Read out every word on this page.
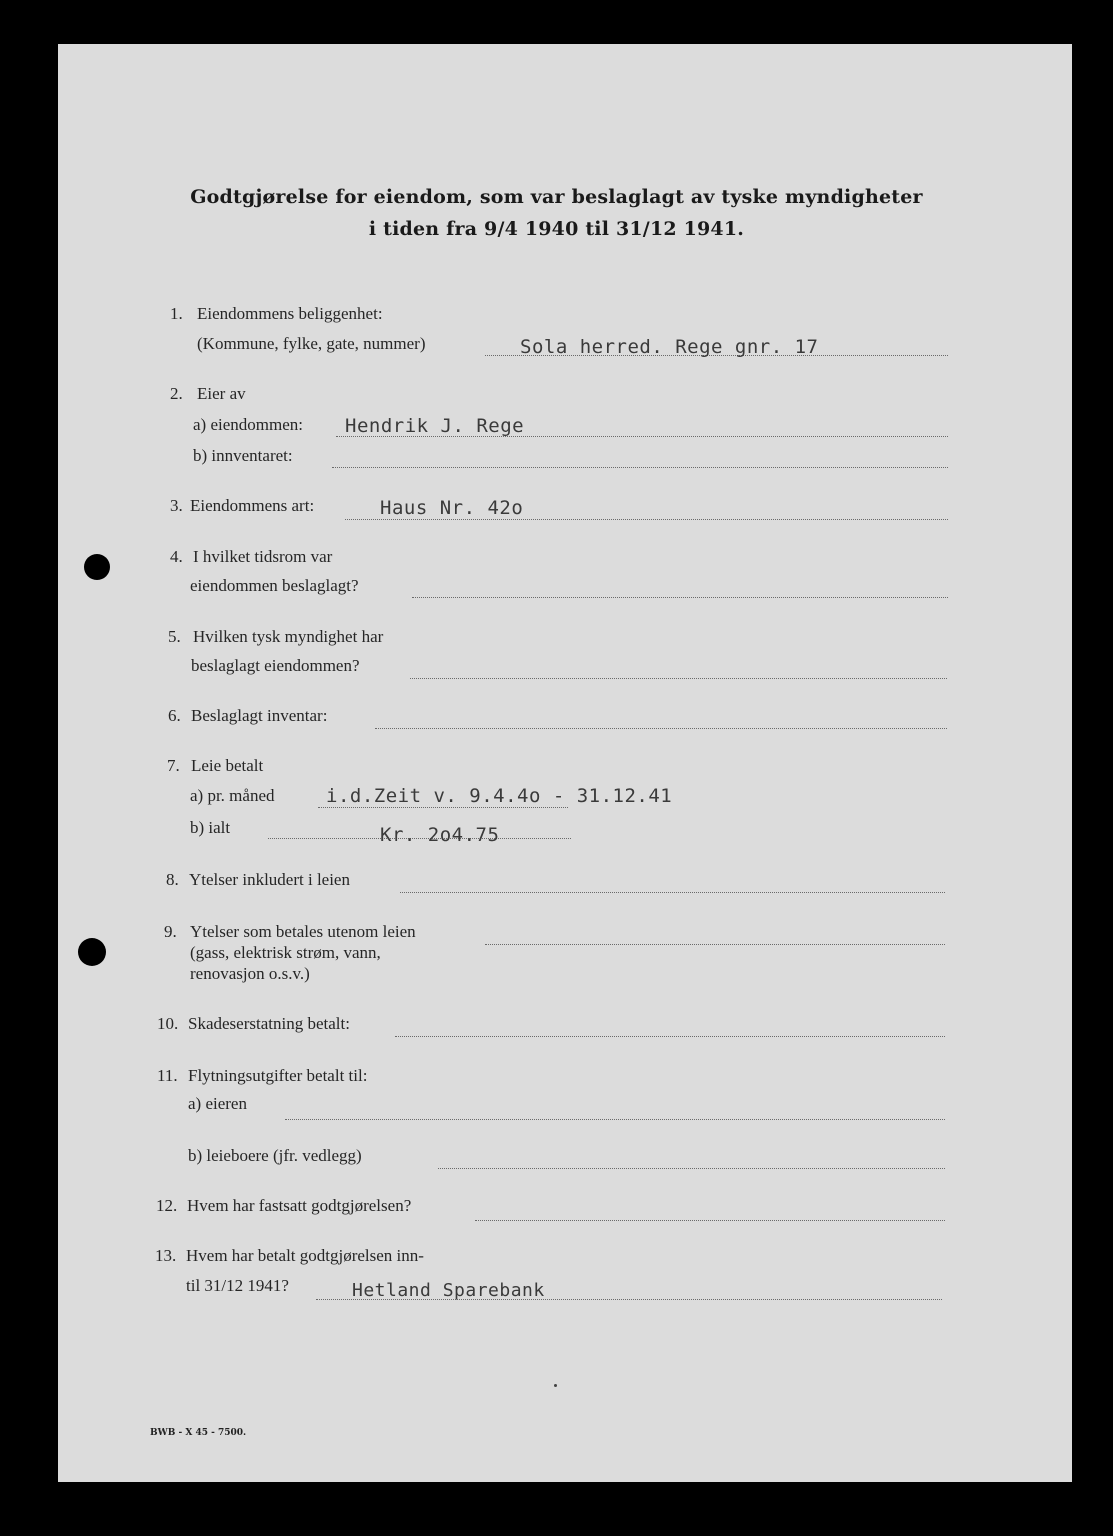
Godtgjørelse for eiendom, som var beslaglagt av tyske myndigheter
i tiden fra 9/4 1940 til 31/12 1941.
1. Eiendommens beliggenhet:
(Kommune, fylke, gate, nummer)	Sola herred. Rege gnr. 17
2. Eier av
a) eiendommen: Hendrik J. Rege
b) innventaret:
3. Eiendommens art:	Haus Nr. 42o
4. I hvilket tidsrom var
eiendommen beslaglagt?
5. Hvilken tysk myndighet har
beslaglagt eiendommen?
6. Beslaglagt inventar:
7. Leie betalt
a) pr. måned	i.d.Zeit v. 9.4.4o - 31.12.41
b) ialt	Kr. 2o4.75
8. Ytelser inkludert i leien
9. Ytelser som betales utenom leien
(gass, elektrisk strøm, vann,
renovasjon o.s.v.)
10. Skadeserstatning betalt:
11. Flytningsutgifter betalt til:
a) eieren
b) leieboere (jfr. vedlegg)
12. Hvem har fastsatt godtgjørelsen?
13. Hvem har betalt godtgjørelsen inn-
til 31/12 1941?	Hetland Sparebank
BWB - X 45 - 7500.
